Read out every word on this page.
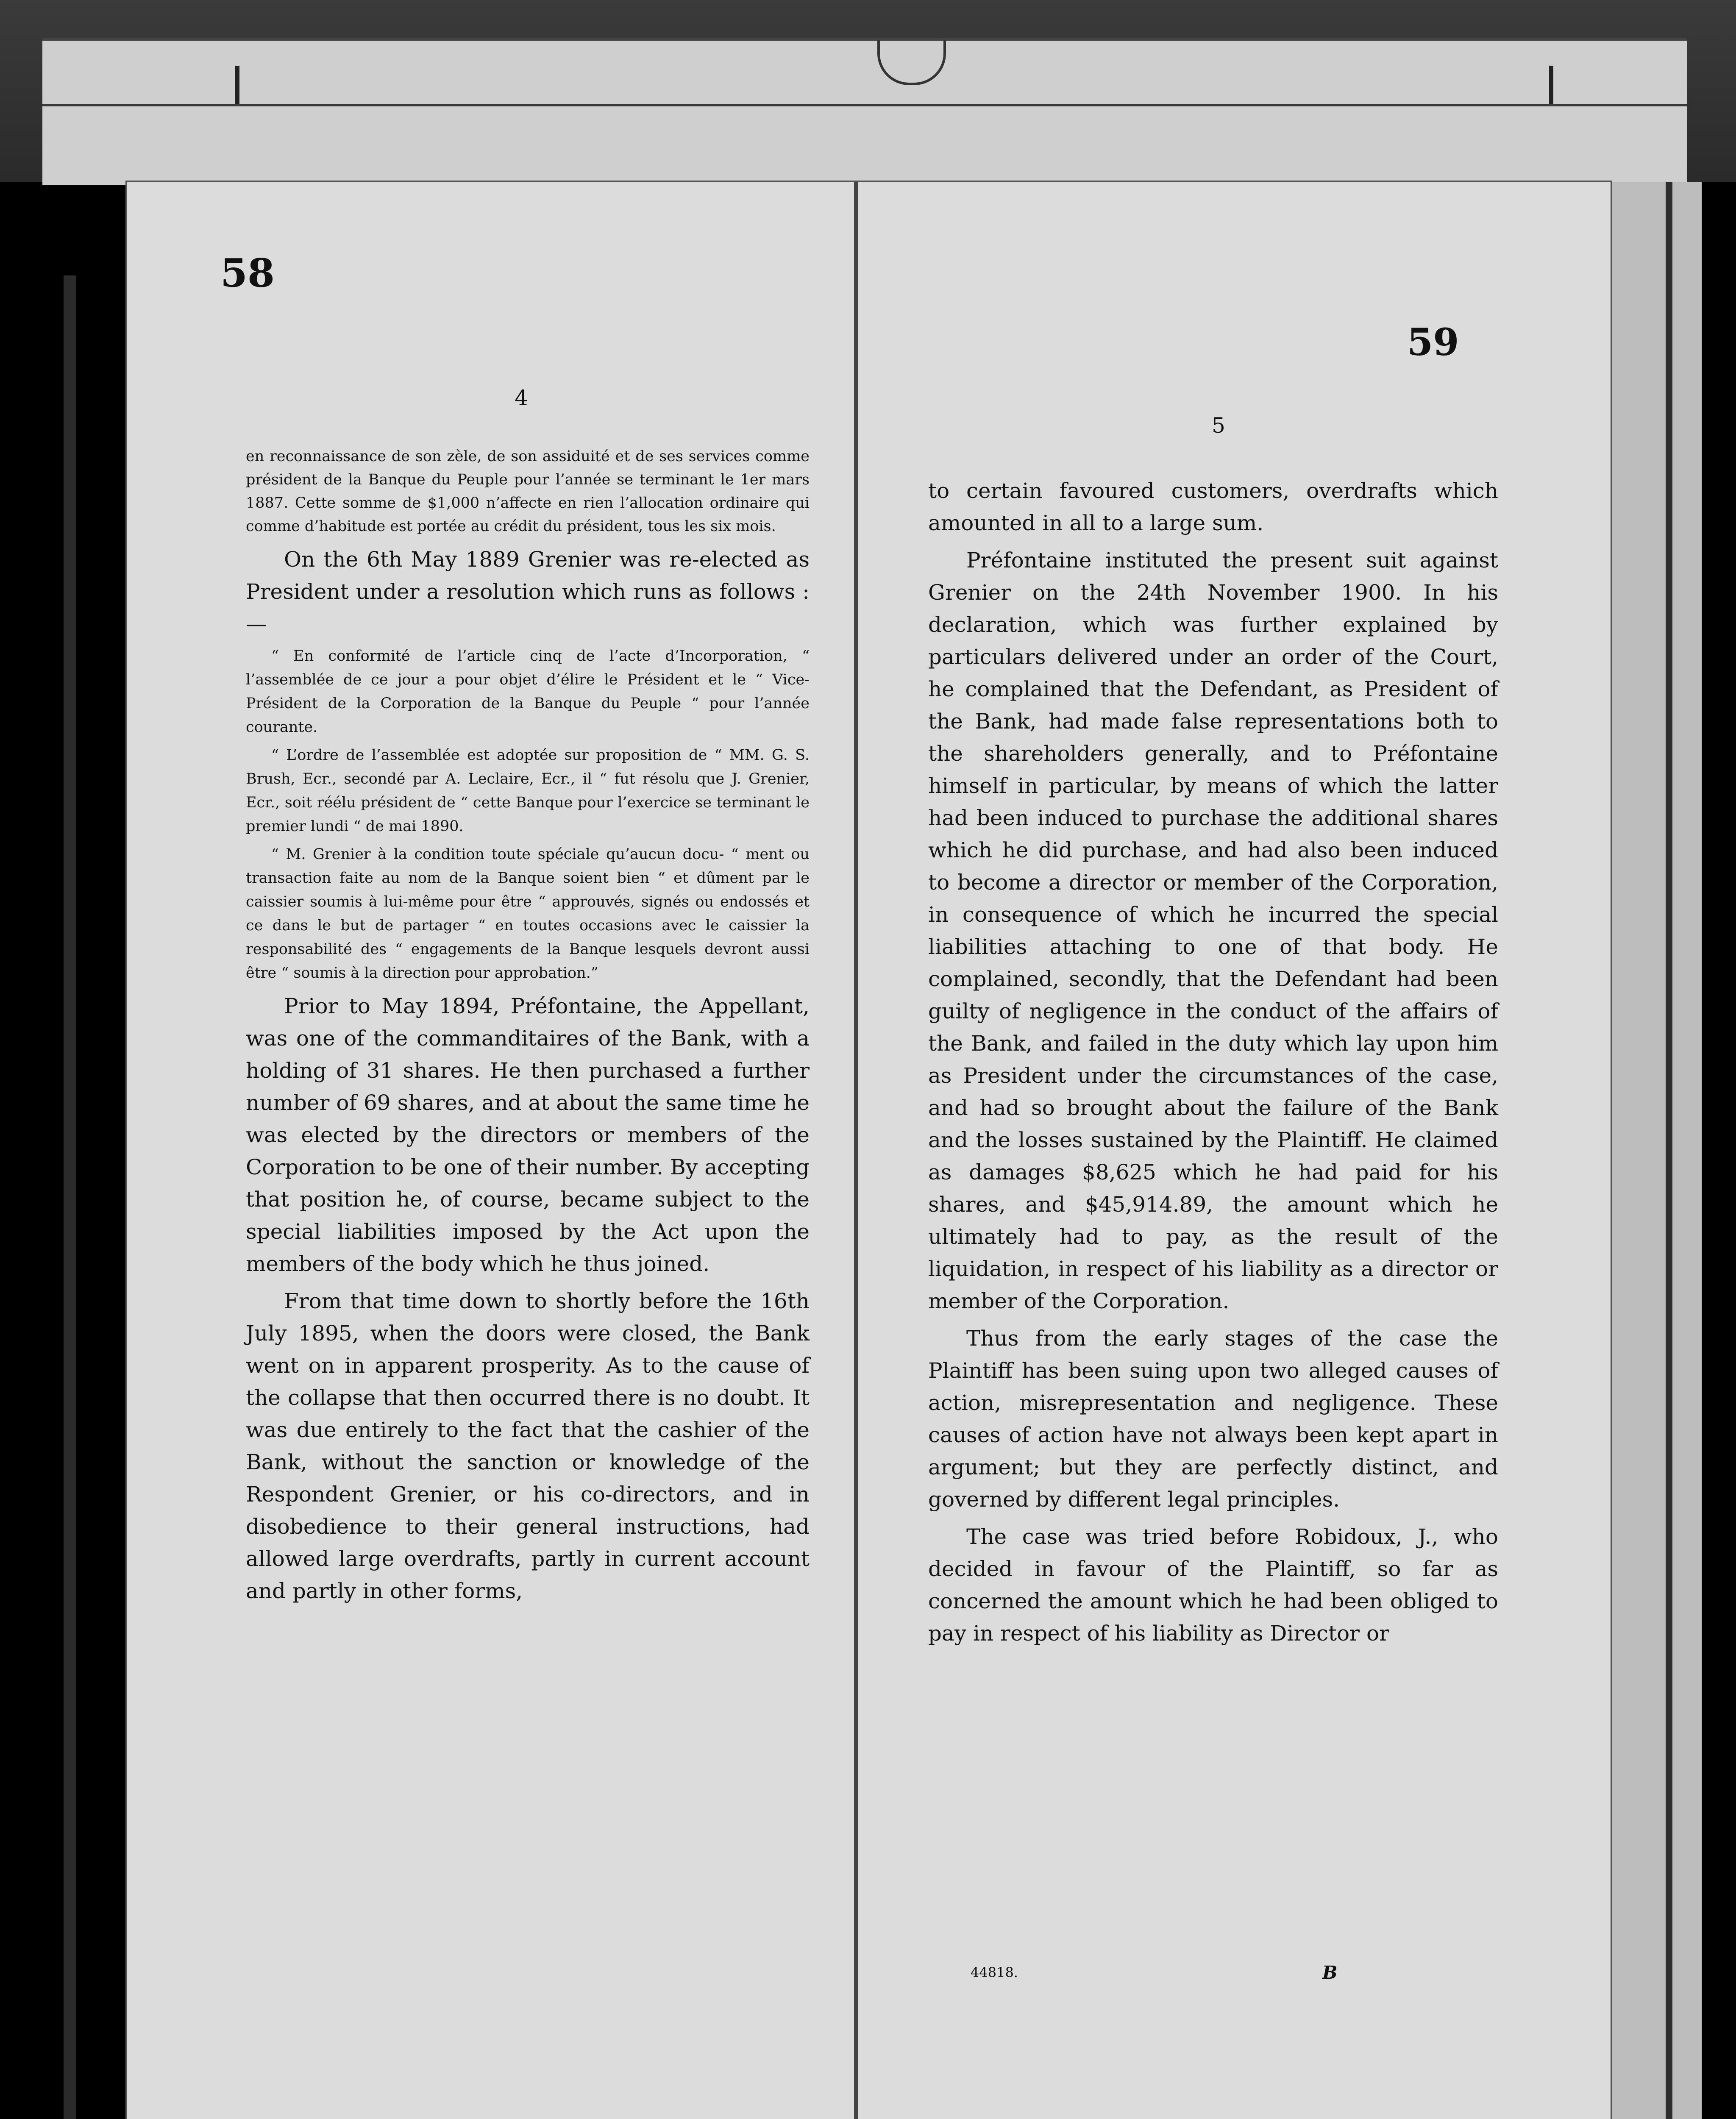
58
59
4
5

en reconnaissance de son zèle, de son assiduité et de ses services comme président de la Banque du Peuple pour l’année se terminant le 1er mars 1887. Cette somme de $1,000 n’affecte en rien l’allocation ordinaire qui comme d’habitude est portée au crédit du président, tous les six mois.

On the 6th May 1889 Grenier was re-elected as President under a resolution which runs as follows :—

“ En conformité de l’article cinq de l’acte d’Incorporation, “ l’assemblée de ce jour a pour objet d’élire le Président et le “ Vice-Président de la Corporation de la Banque du Peuple “ pour l’année courante.

“ L’ordre de l’assemblée est adoptée sur proposition de “ MM. G. S. Brush, Ecr., secondé par A. Leclaire, Ecr., il “ fut résolu que J. Grenier, Ecr., soit réélu président de “ cette Banque pour l’exercice se terminant le premier lundi “ de mai 1890.

“ M. Grenier à la condition toute spéciale qu’aucun docu- “ ment ou transaction faite au nom de la Banque soient bien “ et dûment par le caissier soumis à lui-même pour être “ approuvés, signés ou endossés et ce dans le but de partager “ en toutes occasions avec le caissier la responsabilité des “ engagements de la Banque lesquels devront aussi être “ soumis à la direction pour approbation.”

Prior to May 1894, Préfontaine, the Appellant, was one of the commanditaires of the Bank, with a holding of 31 shares. He then purchased a further number of 69 shares, and at about the same time he was elected by the directors or members of the Corporation to be one of their number. By accepting that position he, of course, became subject to the special liabilities imposed by the Act upon the members of the body which he thus joined.

From that time down to shortly before the 16th July 1895, when the doors were closed, the Bank went on in apparent prosperity. As to the cause of the collapse that then occurred there is no doubt. It was due entirely to the fact that the cashier of the Bank, without the sanction or knowledge of the Respondent Grenier, or his co-directors, and in disobedience to their general instructions, had allowed large overdrafts, partly in current account and partly in other forms,

to certain favoured customers, overdrafts which amounted in all to a large sum.

Préfontaine instituted the present suit against Grenier on the 24th November 1900. In his declaration, which was further explained by particulars delivered under an order of the Court, he complained that the Defendant, as President of the Bank, had made false representations both to the shareholders generally, and to Préfontaine himself in particular, by means of which the latter had been induced to purchase the additional shares which he did purchase, and had also been induced to become a director or member of the Corporation, in consequence of which he incurred the special liabilities attaching to one of that body. He complained, secondly, that the Defendant had been guilty of negligence in the conduct of the affairs of the Bank, and failed in the duty which lay upon him as President under the circumstances of the case, and had so brought about the failure of the Bank and the losses sustained by the Plaintiff. He claimed as damages $8,625 which he had paid for his shares, and $45,914.89, the amount which he ultimately had to pay, as the result of the liquidation, in respect of his liability as a director or member of the Corporation.

Thus from the early stages of the case the Plaintiff has been suing upon two alleged causes of action, misrepresentation and negligence. These causes of action have not always been kept apart in argument; but they are perfectly distinct, and governed by different legal principles.

The case was tried before Robidoux, J., who decided in favour of the Plaintiff, so far as concerned the amount which he had been obliged to pay in respect of his liability as Director or

44818.	B
